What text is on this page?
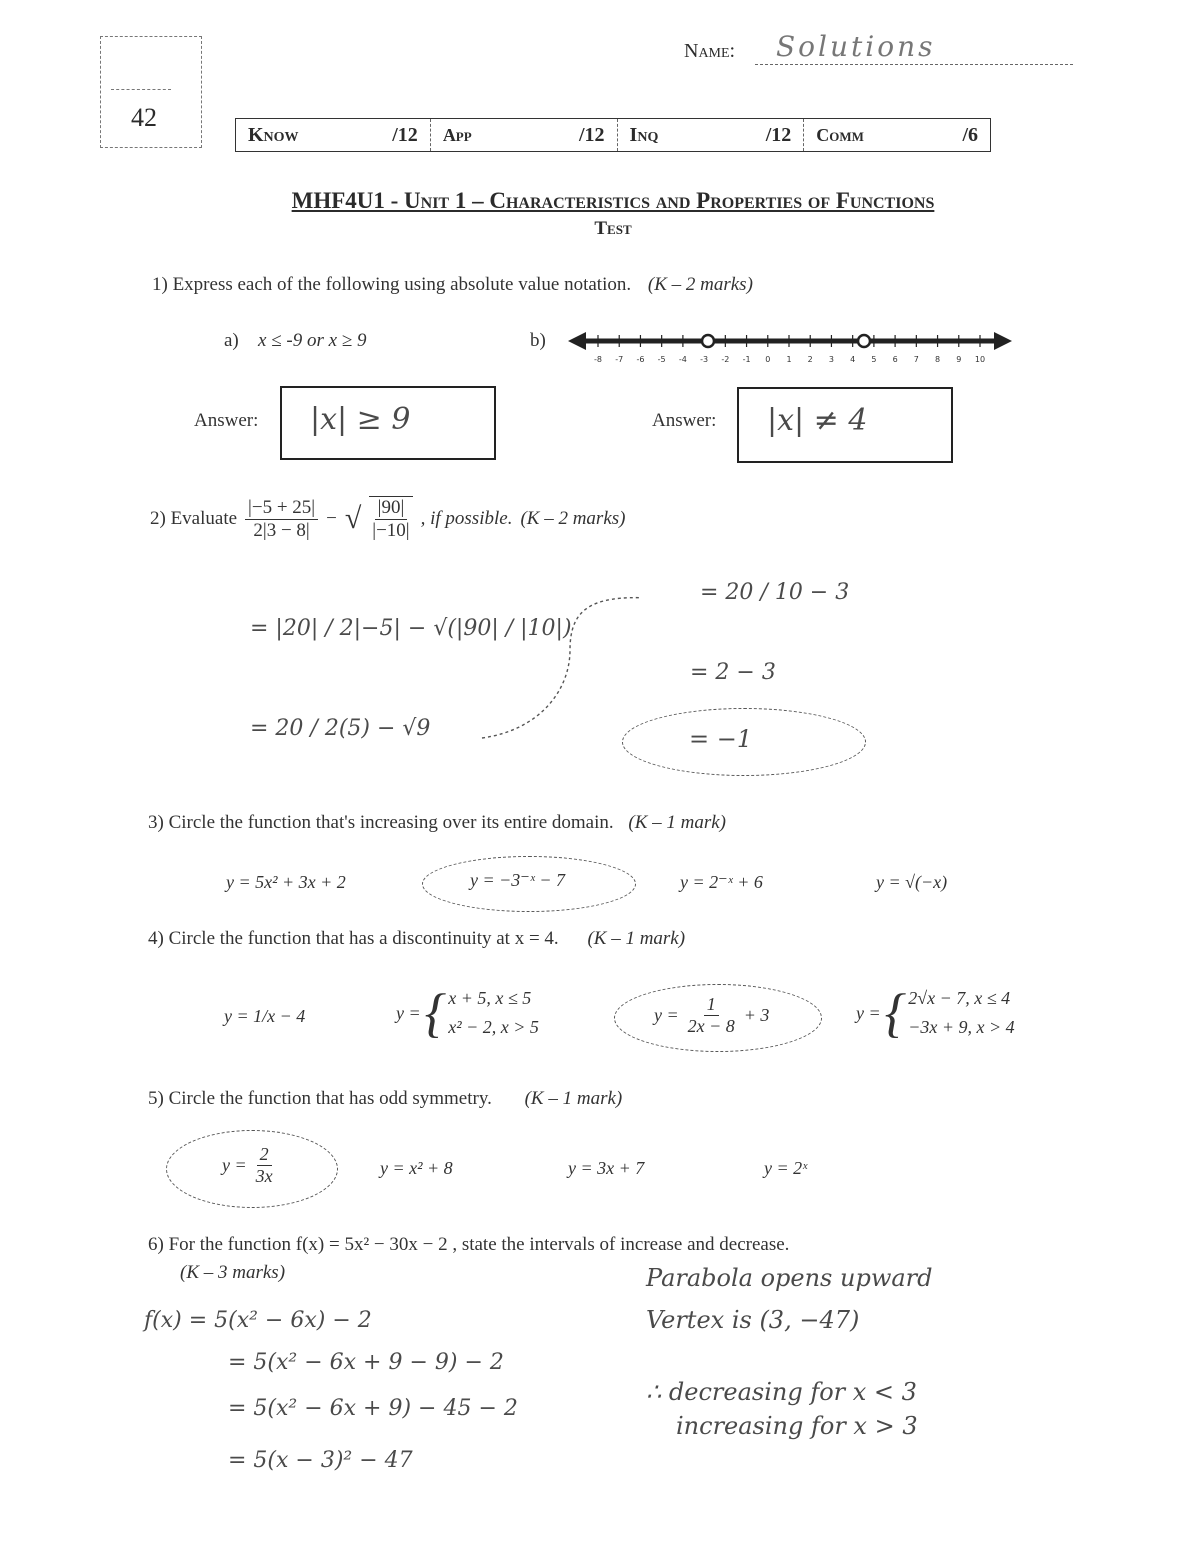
42
Name: Solutions
Know	/12 App	/12 Inq	/12 Comm	/6
MHF4U1 - Unit 1 – Characteristics and Properties of Functions
Test
1) Express each of the following using absolute value notation. (K – 2 marks)
a) x ≤ -9 or x ≥ 9	b)
-8 -7 -6 -5 -4 -3 -2 -1 0 1 2 3 4 5 6 7 8 9 10
Answer: |x| ≥ 9	Answer: |x| ≠ 4
2) Evaluate $\frac{|-5 + 25|}{2|3 - 8|}$ − √ $\frac{|90|}{|-10|}$ , if possible. (K – 2 marks)
= |20| / 2|−5| − √(|90| / |10|)
= 20 / 2(5) − √9
= 20 / 10 − 3
= 2 − 3
= −1
3) Circle the function that's increasing over its entire domain. (K – 1 mark)
y = 5x² + 3x + 2	y = −3⁻ˣ − 7	y = 2⁻ˣ + 6	y = √(−x)
4) Circle the function that has a discontinuity at x = 4. (K – 1 mark)
y = 1/x − 4	y = { x + 5, x ≤ 5
x² − 2, x > 5
$y = \frac{1}{2x - 8} + 3$	y = { 2√x − 7, x ≤ 4
−3x + 9, x > 4
5) Circle the function that has odd symmetry. (K – 1 mark)
$y = \frac{2}{3x}$	y = x² + 8	y = 3x + 7	y = 2ˣ
6) For the function f(x) = 5x² − 30x − 2 , state the intervals of increase and decrease.
(K – 3 marks)
f(x) = 5(x² − 6x) − 2
= 5(x² − 6x + 9 − 9) − 2
= 5(x² − 6x + 9) − 45 − 2
= 5(x − 3)² − 47
Parabola opens upward
Vertex is (3, −47)
∴ decreasing for x < 3
increasing for x > 3
